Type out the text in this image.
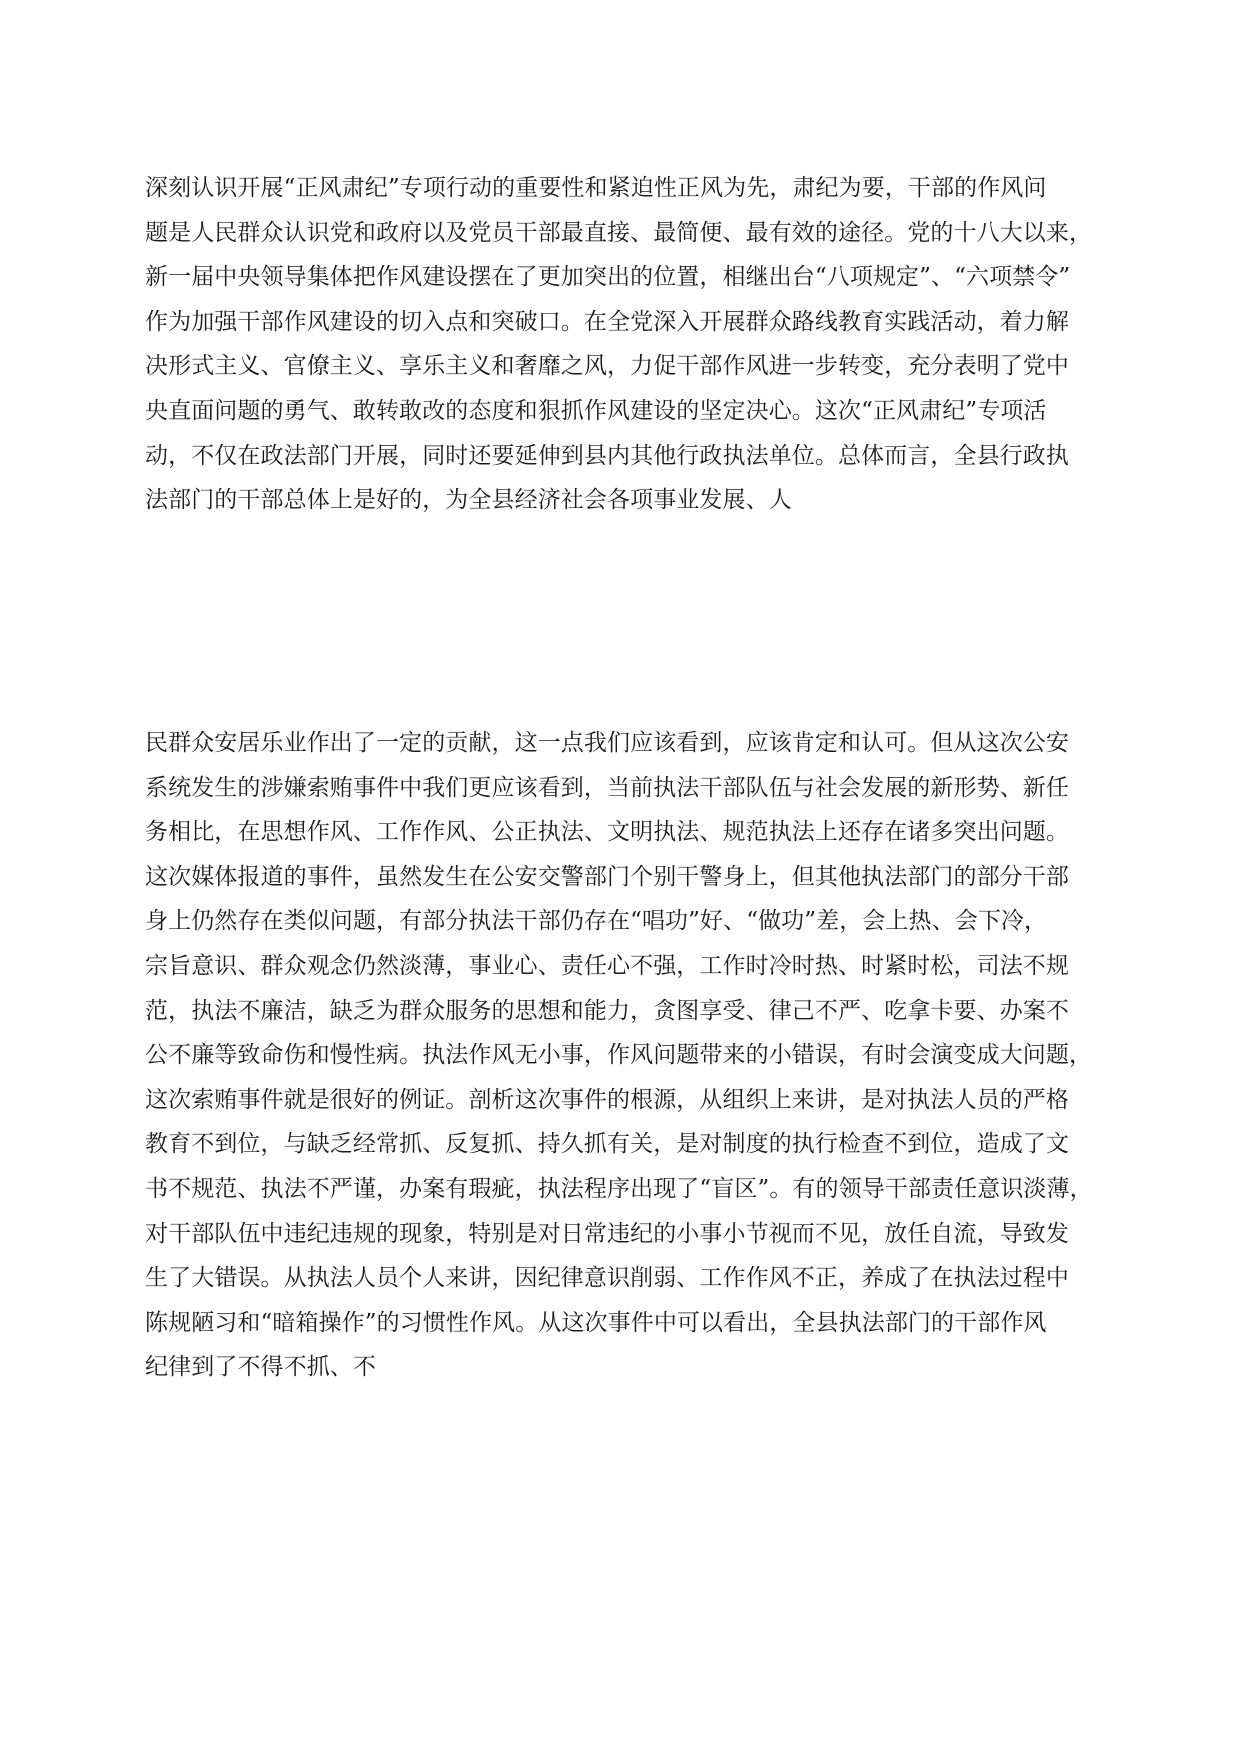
深刻认识开展“正风肃纪”专项行动的重要性和紧迫性正风为先，肃纪为要，干部的作风问
题是人民群众认识党和政府以及党员干部最直接、最简便、最有效的途径。党的十八大以来，
新一届中央领导集体把作风建设摆在了更加突出的位置，相继出台“八项规定”、“六项禁令”
作为加强干部作风建设的切入点和突破口。在全党深入开展群众路线教育实践活动，着力解
决形式主义、官僚主义、享乐主义和奢靡之风，力促干部作风进一步转变，充分表明了党中
央直面问题的勇气、敢转敢改的态度和狠抓作风建设的坚定决心。这次“正风肃纪”专项活
动，不仅在政法部门开展，同时还要延伸到县内其他行政执法单位。总体而言，全县行政执
法部门的干部总体上是好的，为全县经济社会各项事业发展、人
民群众安居乐业作出了一定的贡献，这一点我们应该看到，应该肯定和认可。但从这次公安
系统发生的涉嫌索贿事件中我们更应该看到，当前执法干部队伍与社会发展的新形势、新任
务相比，在思想作风、工作作风、公正执法、文明执法、规范执法上还存在诸多突出问题。
这次媒体报道的事件，虽然发生在公安交警部门个别干警身上，但其他执法部门的部分干部
身上仍然存在类似问题，有部分执法干部仍存在“唱功”好、“做功”差，会上热、会下冷，
宗旨意识、群众观念仍然淡薄，事业心、责任心不强，工作时冷时热、时紧时松，司法不规
范，执法不廉洁，缺乏为群众服务的思想和能力，贪图享受、律己不严、吃拿卡要、办案不
公不廉等致命伤和慢性病。执法作风无小事，作风问题带来的小错误，有时会演变成大问题，
这次索贿事件就是很好的例证。剖析这次事件的根源，从组织上来讲，是对执法人员的严格
教育不到位，与缺乏经常抓、反复抓、持久抓有关，是对制度的执行检查不到位，造成了文
书不规范、执法不严谨，办案有瑕疵，执法程序出现了“盲区”。有的领导干部责任意识淡薄，
对干部队伍中违纪违规的现象，特别是对日常违纪的小事小节视而不见，放任自流，导致发
生了大错误。从执法人员个人来讲，因纪律意识削弱、工作作风不正，养成了在执法过程中
陈规陋习和“暗箱操作”的习惯性作风。从这次事件中可以看出，全县执法部门的干部作风
纪律到了不得不抓、不
